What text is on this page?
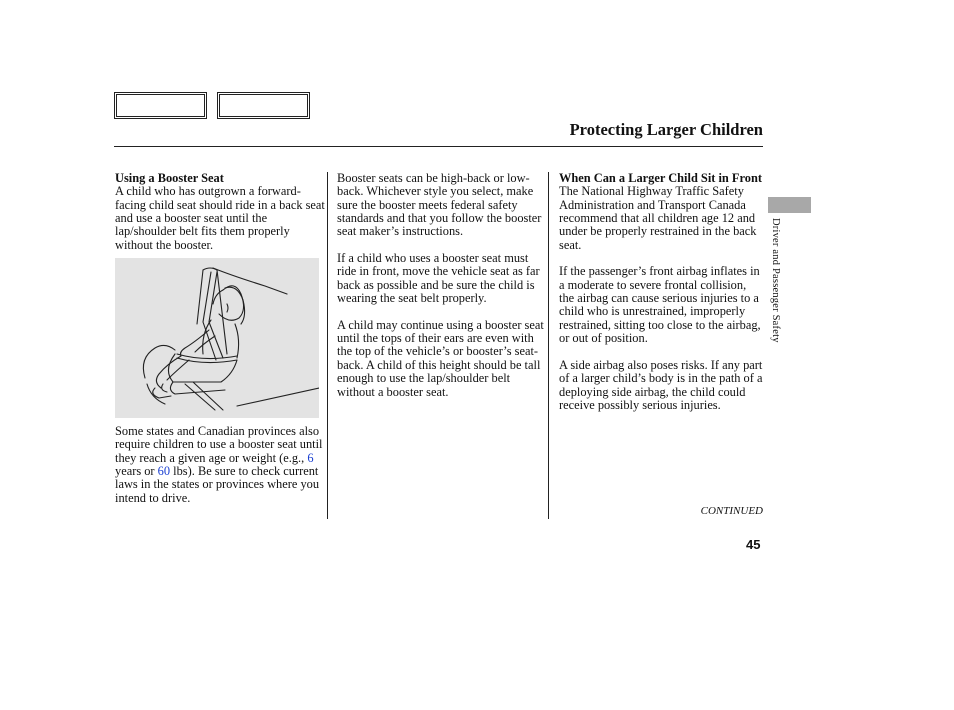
Protecting Larger Children
Driver and Passenger Safety
Using a Booster Seat

A child who has outgrown a forward-facing child seat should ride in a back seat and use a booster seat until the lap/shoulder belt fits them properly without the booster.

Some states and Canadian provinces also require children to use a booster seat until they reach a given age or weight (e.g., 6 years or 60 lbs). Be sure to check current laws in the states or provinces where you intend to drive.

Booster seats can be high-back or low-back. Whichever style you select, make sure the booster meets federal safety standards and that you follow the booster seat maker’s instructions.

If a child who uses a booster seat must ride in front, move the vehicle seat as far back as possible and be sure the child is wearing the seat belt properly.

A child may continue using a booster seat until the tops of their ears are even with the top of the vehicle’s or booster’s seat-back. A child of this height should be tall enough to use the lap/shoulder belt without a booster seat.

When Can a Larger Child Sit in Front

The National Highway Traffic Safety Administration and Transport Canada recommend that all children age 12 and under be properly restrained in the back seat.

If the passenger’s front airbag inflates in a moderate to severe frontal collision, the airbag can cause serious injuries to a child who is unrestrained, improperly restrained, sitting too close to the airbag, or out of position.

A side airbag also poses risks. If any part of a larger child’s body is in the path of a deploying side airbag, the child could receive possibly serious injuries.

CONTINUED
45
